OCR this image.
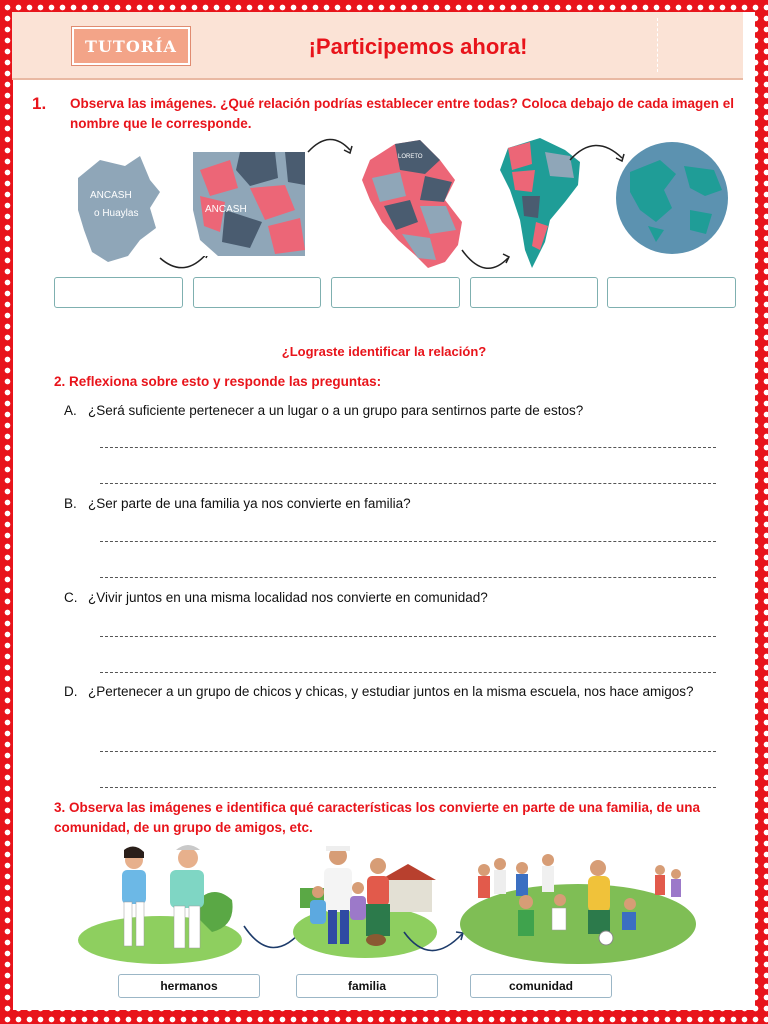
TUTORÍA	¡Participemos ahora!
1. Observa las imágenes. ¿Qué relación podrías establecer entre todas? Coloca debajo de cada imagen el nombre que le corresponde.
ANCASH
o Huaylas	ANCASH
LORETO
¿Lograste identificar la relación?
2. Reflexiona sobre esto y responde las preguntas:
A. ¿Será suficiente pertenecer a un lugar o a un grupo para sentirnos parte de estos?
B. ¿Ser parte de una familia ya nos convierte en familia?
C. ¿Vivir juntos en una misma localidad nos convierte en comunidad?
D. ¿Pertenecer a un grupo de chicos y chicas, y estudiar juntos en la misma escuela, nos hace amigos?
3. Observa las imágenes e identifica qué características los convierte en parte de una familia, de una comunidad, de un grupo de amigos, etc.
hermanos	familia	comunidad
